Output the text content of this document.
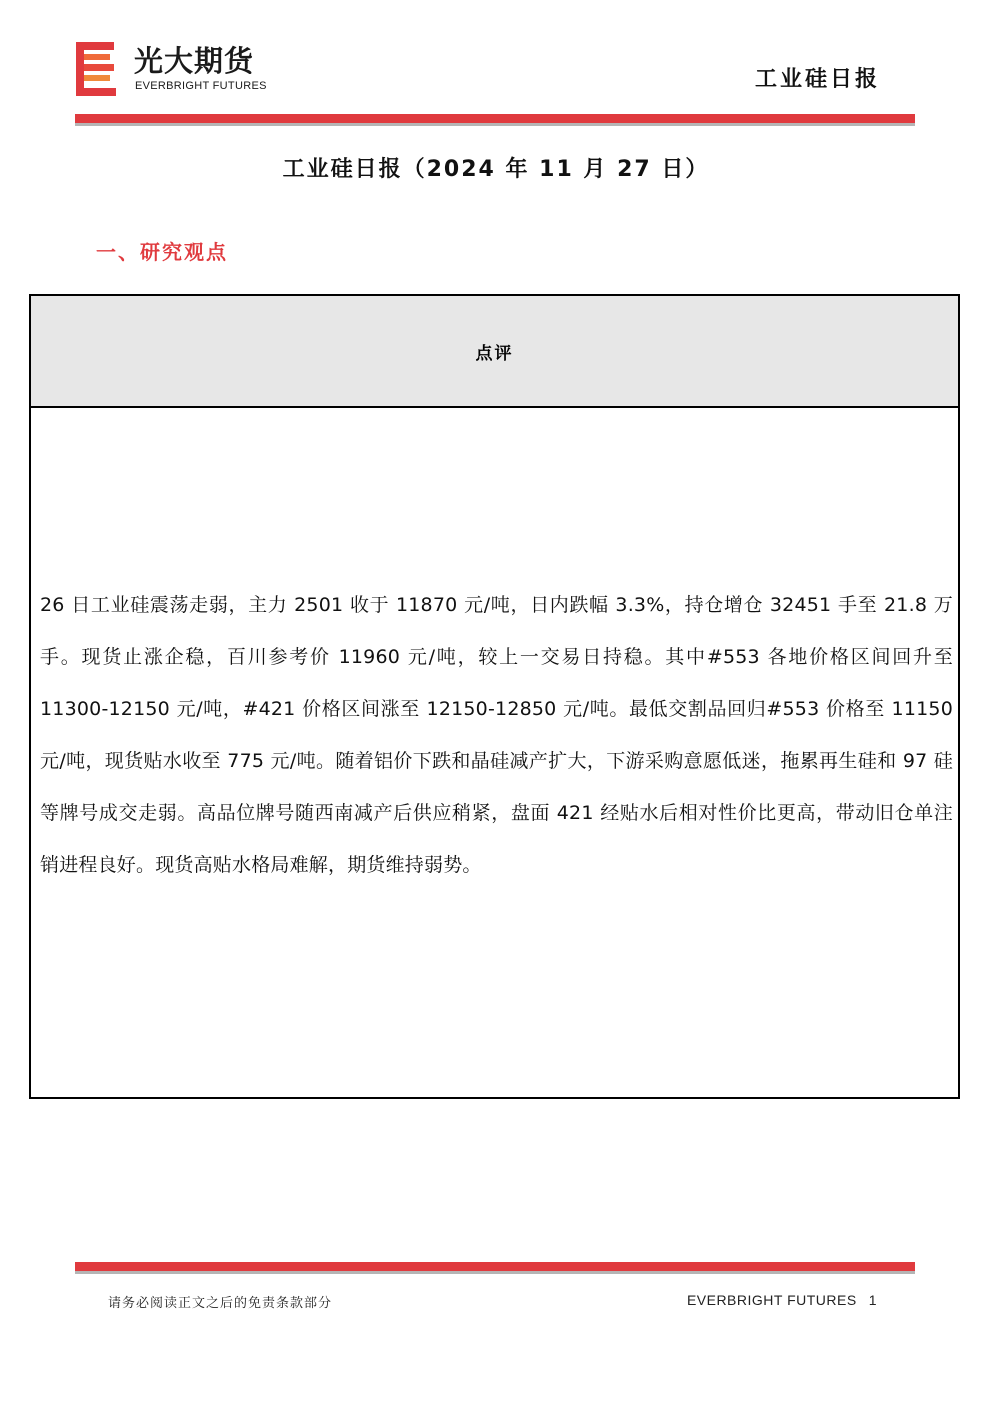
光大期货
EVERBRIGHT FUTURES	工业硅日报
工业硅日报（2024 年 11 月 27 日）
一、研究观点
点评

26 日工业硅震荡走弱，主力 2501 收于 11870 元/吨，日内跌幅 3.3%，持仓增仓 32451 手至 21.8 万手。现货止涨企稳，百川参考价 11960 元/吨，较上一交易日持稳。其中#553 各地价格区间回升至 11300-12150 元/吨，#421 价格区间涨至 12150-12850 元/吨。最低交割品回归#553 价格至 11150 元/吨，现货贴水收至 775 元/吨。随着铝价下跌和晶硅减产扩大，下游采购意愿低迷，拖累再生硅和 97 硅等牌号成交走弱。高品位牌号随西南减产后供应稍紧，盘面 421 经贴水后相对性价比更高，带动旧仓单注销进程良好。现货高贴水格局难解，期货维持弱势。

请务必阅读正文之后的免责条款部分	EVERBRIGHT FUTURES 1
